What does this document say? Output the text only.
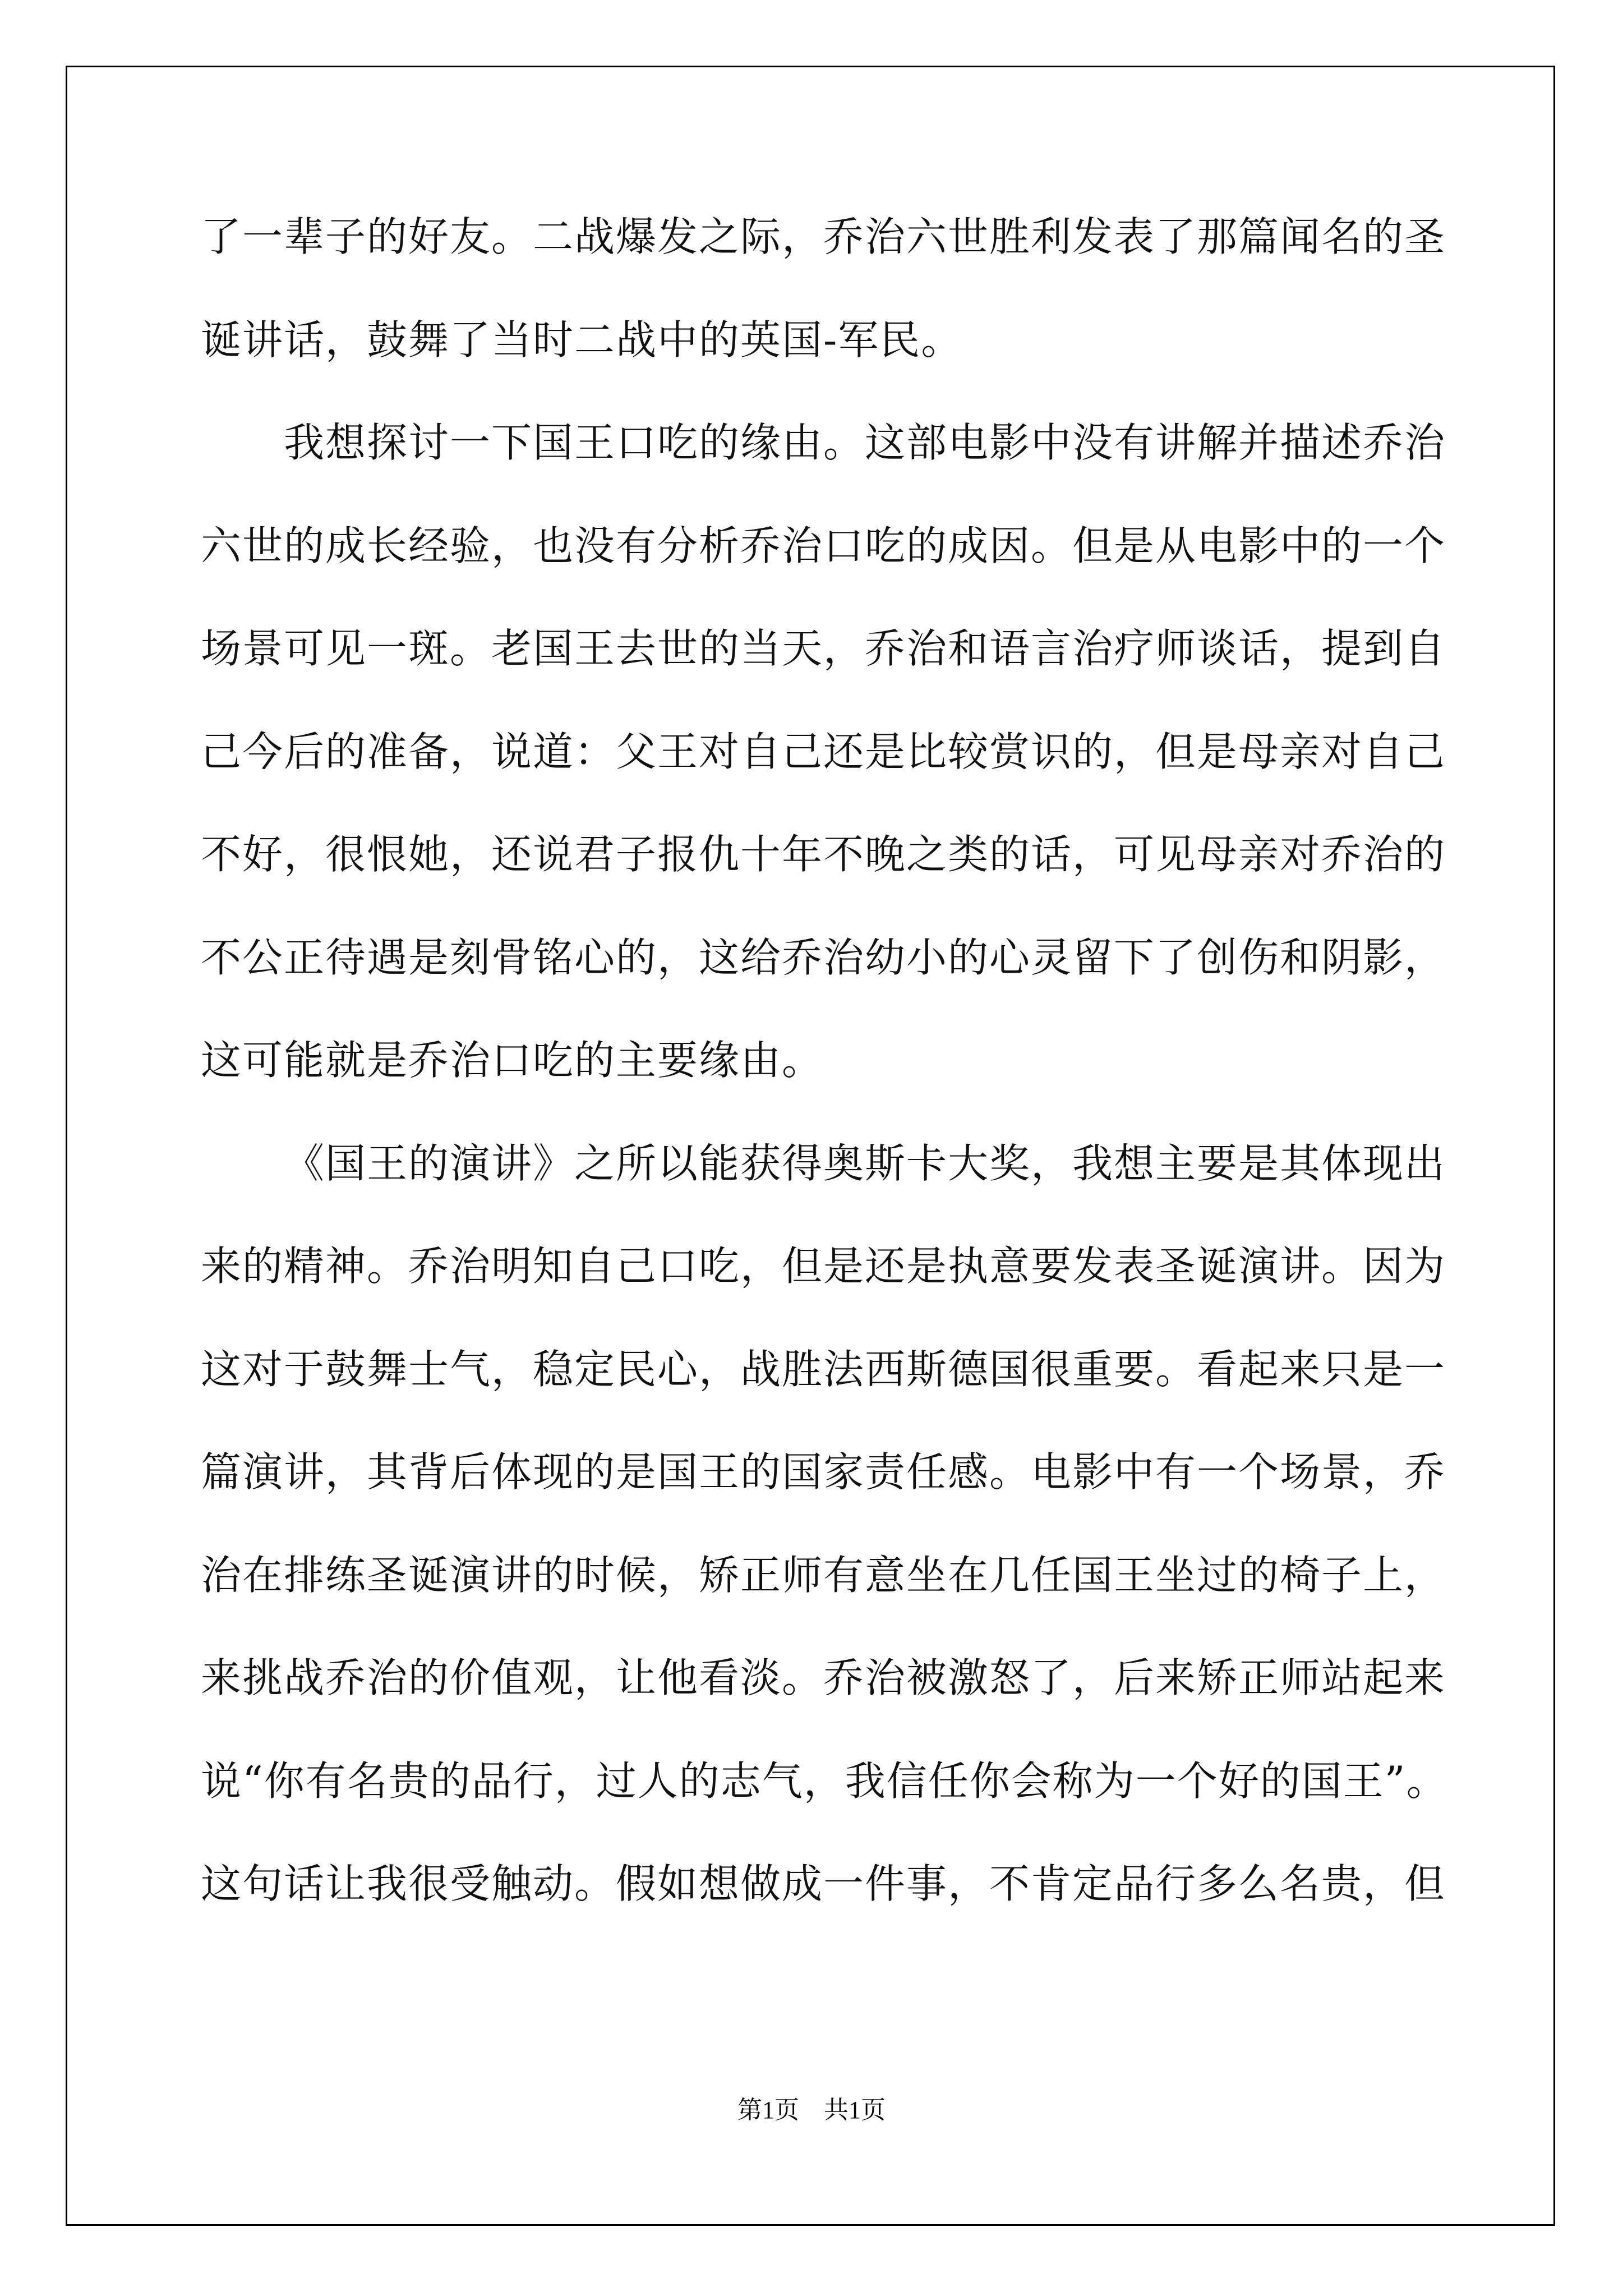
了一辈子的好友。二战爆发之际，乔治六世胜利发表了那篇闻名的圣
诞讲话，鼓舞了当时二战中的英国-军民。
我想探讨一下国王口吃的缘由。这部电影中没有讲解并描述乔治
六世的成长经验，也没有分析乔治口吃的成因。但是从电影中的一个
场景可见一斑。老国王去世的当天，乔治和语言治疗师谈话，提到自
己今后的准备，说道：父王对自己还是比较赏识的，但是母亲对自己
不好，很恨她，还说君子报仇十年不晚之类的话，可见母亲对乔治的
不公正待遇是刻骨铭心的，这给乔治幼小的心灵留下了创伤和阴影，
这可能就是乔治口吃的主要缘由。
《国王的演讲》之所以能获得奥斯卡大奖，我想主要是其体现出
来的精神。乔治明知自己口吃，但是还是执意要发表圣诞演讲。因为
这对于鼓舞士气，稳定民心，战胜法西斯德国很重要。看起来只是一
篇演讲，其背后体现的是国王的国家责任感。电影中有一个场景，乔
治在排练圣诞演讲的时候，矫正师有意坐在几任国王坐过的椅子上，
来挑战乔治的价值观，让他看淡。乔治被激怒了，后来矫正师站起来
说“你有名贵的品行，过人的志气，我信任你会称为一个好的国王”。
这句话让我很受触动。假如想做成一件事，不肯定品行多么名贵，但
第1页　共1页
